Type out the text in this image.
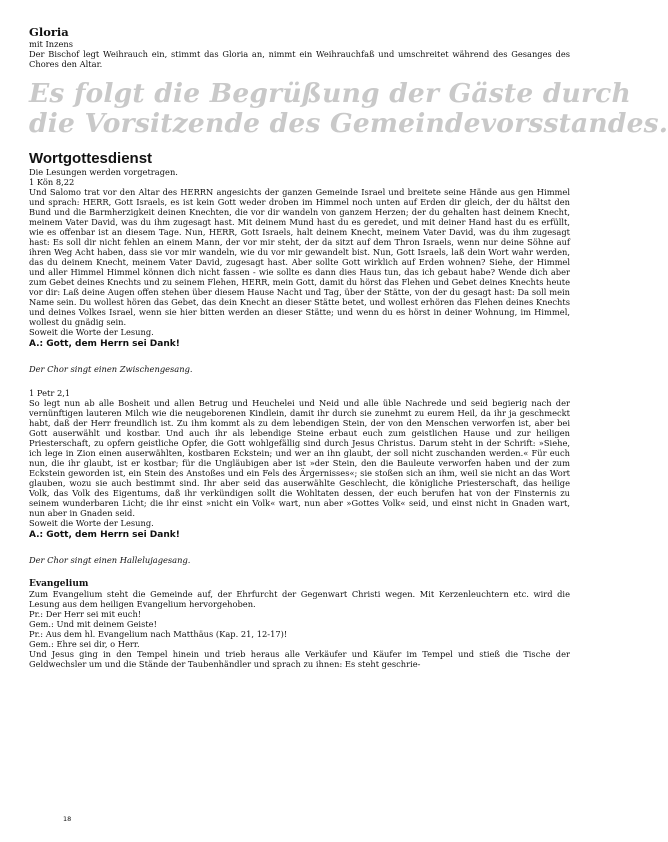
Gloria

mit Inzens

Der Bischof legt Weihrauch ein, stimmt das Gloria an, nimmt ein Weihrauchfaß und umschreitet während des Gesanges des Chores den Altar.

Es folgt die Begrüßung der Gäste durch
die Vorsitzende des Gemeindevorsstandes.
Wortgottesdienst

Die Lesungen werden vorgetragen.

1 Kön 8,22

Und Salomo trat vor den Altar des HERRN angesichts der ganzen Gemeinde Israel und breitete seine Hände aus gen Himmel und sprach: HERR, Gott Israels, es ist kein Gott weder droben im Himmel noch unten auf Erden dir gleich, der du hältst den Bund und die Barmherzigkeit deinen Knechten, die vor dir wandeln von ganzem Herzen; der du gehalten hast deinem Knecht, meinem Vater David, was du ihm zugesagt hast. Mit deinem Mund hast du es geredet, und mit deiner Hand hast du es erfüllt, wie es offenbar ist an diesem Tage. Nun, HERR, Gott Israels, halt deinem Knecht, meinem Vater David, was du ihm zugesagt hast: Es soll dir nicht fehlen an einem Mann, der vor mir steht, der da sitzt auf dem Thron Israels, wenn nur deine Söhne auf ihren Weg Acht haben, dass sie vor mir wandeln, wie du vor mir gewandelt bist. Nun, Gott Israels, laß dein Wort wahr werden, das du deinem Knecht, meinem Vater David, zugesagt hast. Aber sollte Gott wirklich auf Erden wohnen? Siehe, der Himmel und aller Himmel Himmel können dich nicht fassen - wie sollte es dann dies Haus tun, das ich gebaut habe? Wende dich aber zum Gebet deines Knechts und zu seinem Flehen, HERR, mein Gott, damit du hörst das Flehen und Gebet deines Knechts heute vor dir: Laß deine Augen offen stehen über diesem Hause Nacht und Tag, über der Stätte, von der du gesagt hast: Da soll mein Name sein. Du wollest hören das Gebet, das dein Knecht an dieser Stätte betet, und wollest erhören das Flehen deines Knechts und deines Volkes Israel, wenn sie hier bitten werden an dieser Stätte; und wenn du es hörst in deiner Wohnung, im Himmel, wollest du gnädig sein.

Soweit die Worte der Lesung.

A.: Gott, dem Herrn sei Dank!

Der Chor singt einen Zwischengesang.

1 Petr 2,1

So legt nun ab alle Bosheit und allen Betrug und Heuchelei und Neid und alle üble Nachrede und seid begierig nach der vernünftigen lauteren Milch wie die neugeborenen Kindlein, damit ihr durch sie zunehmt zu eurem Heil, da ihr ja geschmeckt habt, daß der Herr freundlich ist. Zu ihm kommt als zu dem lebendigen Stein, der von den Menschen verworfen ist, aber bei Gott auserwählt und kostbar. Und auch ihr als lebendige Steine erbaut euch zum geistlichen Hause und zur heiligen Priesterschaft, zu opfern geistliche Opfer, die Gott wohlgefällig sind durch Jesus Christus. Darum steht in der Schrift: »Siehe, ich lege in Zion einen auserwählten, kostbaren Eckstein; und wer an ihn glaubt, der soll nicht zuschanden werden.« Für euch nun, die ihr glaubt, ist er kostbar; für die Ungläubigen aber ist »der Stein, den die Bauleute verworfen haben und der zum Eckstein geworden ist, ein Stein des Anstoßes und ein Fels des Ärgernisses«; sie stoßen sich an ihm, weil sie nicht an das Wort glauben, wozu sie auch bestimmt sind. Ihr aber seid das auserwählte Geschlecht, die königliche Priesterschaft, das heilige Volk, das Volk des Eigentums, daß ihr verkündigen sollt die Wohltaten dessen, der euch berufen hat von der Finsternis zu seinem wunderbaren Licht; die ihr einst »nicht ein Volk« wart, nun aber »Gottes Volk« seid, und einst nicht in Gnaden wart, nun aber in Gnaden seid.

Soweit die Worte der Lesung.

A.: Gott, dem Herrn sei Dank!

Der Chor singt einen Hallelujagesang.

Evangelium

Zum Evangelium steht die Gemeinde auf, der Ehrfurcht der Gegenwart Christi wegen. Mit Kerzenleuchtern etc. wird die Lesung aus dem heiligen Evangelium hervorgehoben.

Pr.: Der Herr sei mit euch!

Gem.: Und mit deinem Geiste!

Pr.: Aus dem hl. Evangelium nach Matthäus (Kap. 21, 12-17)!

Gem.: Ehre sei dir, o Herr.

Und Jesus ging in den Tempel hinein und trieb heraus alle Verkäufer und Käufer im Tempel und stieß die Tische der Geldwechsler um und die Stände der Taubenhändler und sprach zu ihnen: Es steht geschrie-

18
